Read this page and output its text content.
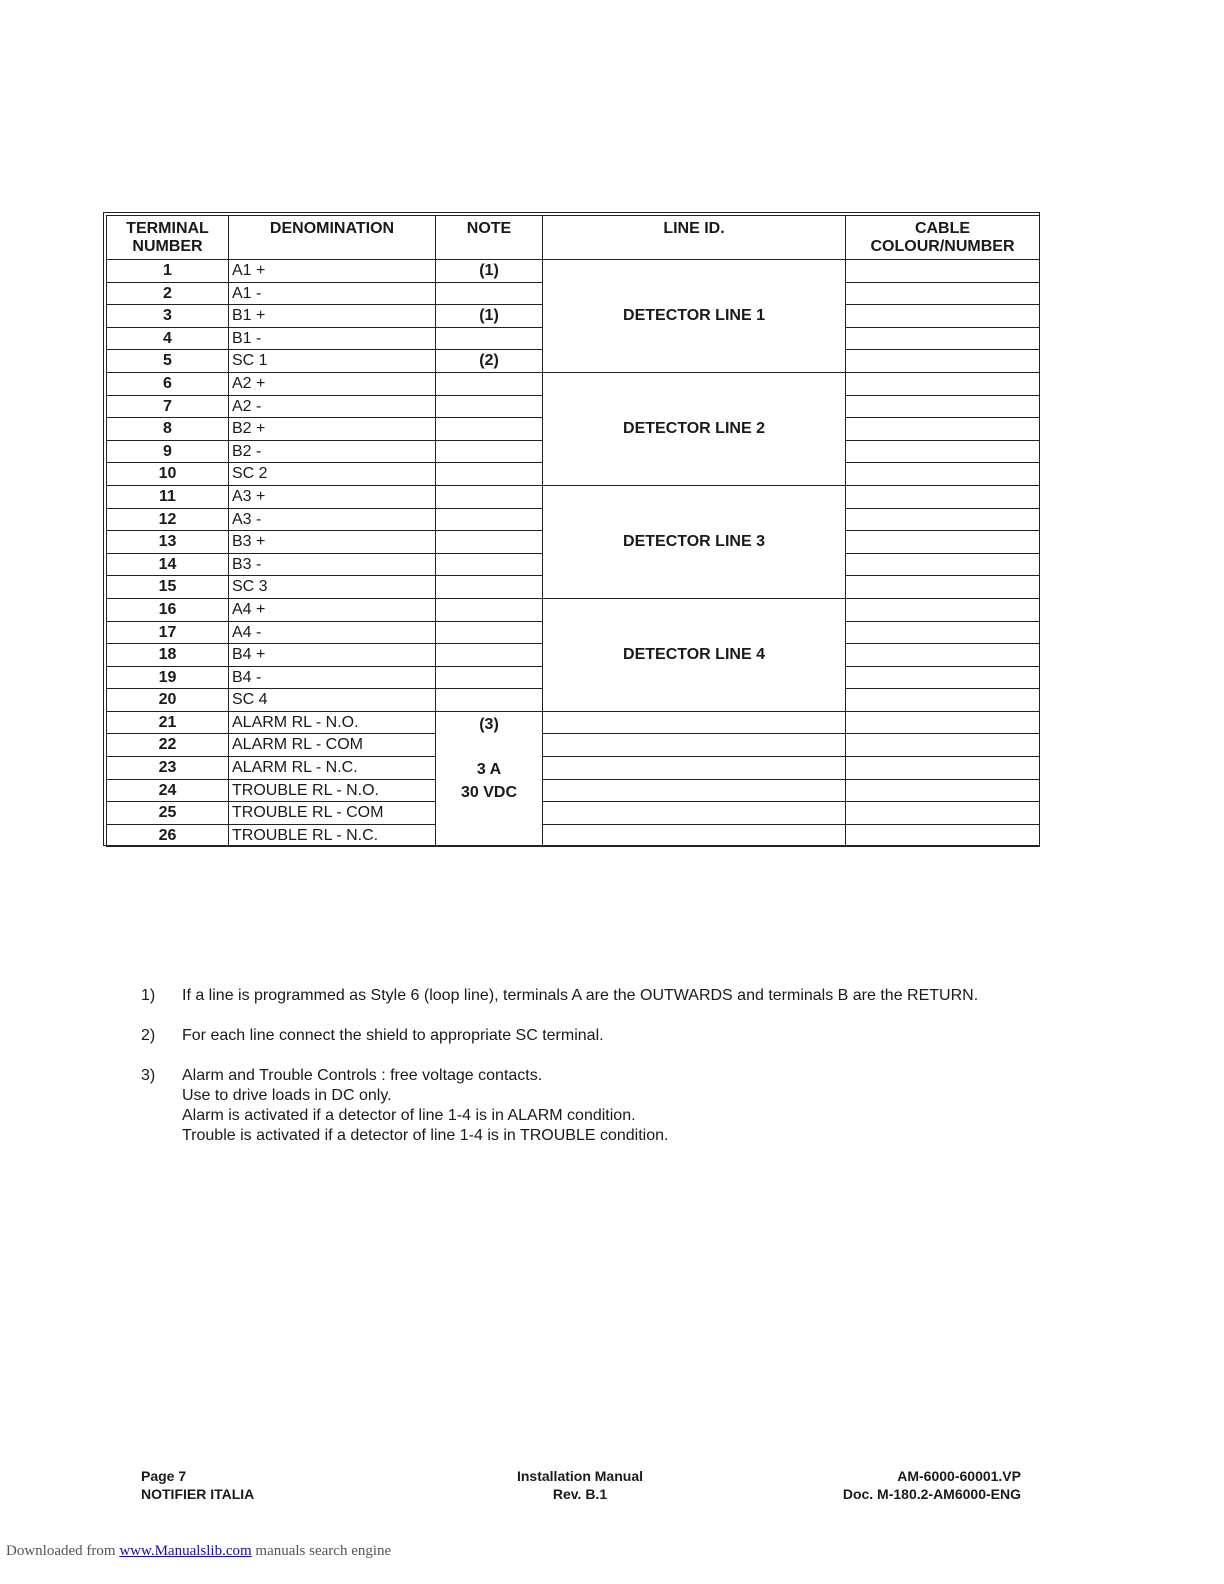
TERMINAL
NUMBER	DENOMINATION	NOTE	LINE ID.	CABLE
COLOUR/NUMBER
1	A1 +	(1)	DETECTOR LINE 1	
2	A1 -			
3	B1 +	(1)		
4	B1 -			
5	SC 1	(2)		
6	A2 +		DETECTOR LINE 2	
7	A2 -			
8	B2 +			
9	B2 -			
10	SC 2			
11	A3 +		DETECTOR LINE 3	
12	A3 -			
13	B3 +			
14	B3 -			
15	SC 3			
16	A4 +		DETECTOR LINE 4	
17	A4 -			
18	B4 +			
19	B4 -			
20	SC 4			
21	ALARM RL - N.O.	(3)
3 A
30 VDC		

22	ALARM RL - COM			
23	ALARM RL - N.C.			
24	TROUBLE RL - N.O.			
25	TROUBLE RL - COM			
26	TROUBLE RL - N.C.			
1)	If a line is programmed as Style 6 (loop line), terminals A are the OUTWARDS and terminals B are the RETURN.
2)	For each line connect the shield to appropriate SC terminal.
3)	Alarm and Trouble Controls : free voltage contacts.
Use to drive loads in DC only.
Alarm is activated if a detector of line 1-4 is in ALARM condition.
Trouble is activated if a detector of line 1-4 is in TROUBLE condition.
Page 7
NOTIFIER ITALIA
Installation Manual
Rev. B.1
AM-6000-60001.VP
Doc. M-180.2-AM6000-ENG
Downloaded from www.Manualslib.com manuals search engine
